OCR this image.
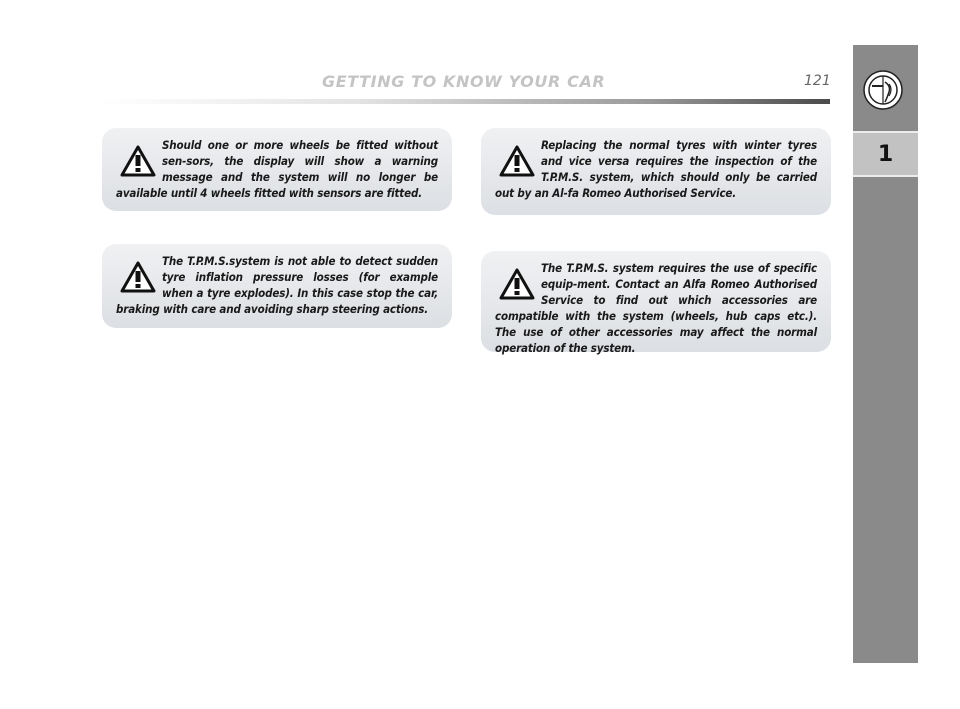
GETTING TO KNOW YOUR CAR	121
1

Should one or more wheels be fitted without sen-sors, the display will show a warning message and the system will no longer be available until 4 wheels fitted with sensors are fitted.

The T.P.M.S.system is not able to detect sudden tyre inflation pressure losses (for example when a tyre explodes). In this case stop the car, braking with care and avoiding sharp steering actions.

Replacing the normal tyres with winter tyres and vice versa requires the inspection of the T.P.M.S. system, which should only be carried out by an Al-fa Romeo Authorised Service.

The T.P.M.S. system requires the use of specific equip-ment. Contact an Alfa Romeo Authorised Service to find out which accessories are compatible with the system (wheels, hub caps etc.). The use of other accessories may affect the normal operation of the system.
